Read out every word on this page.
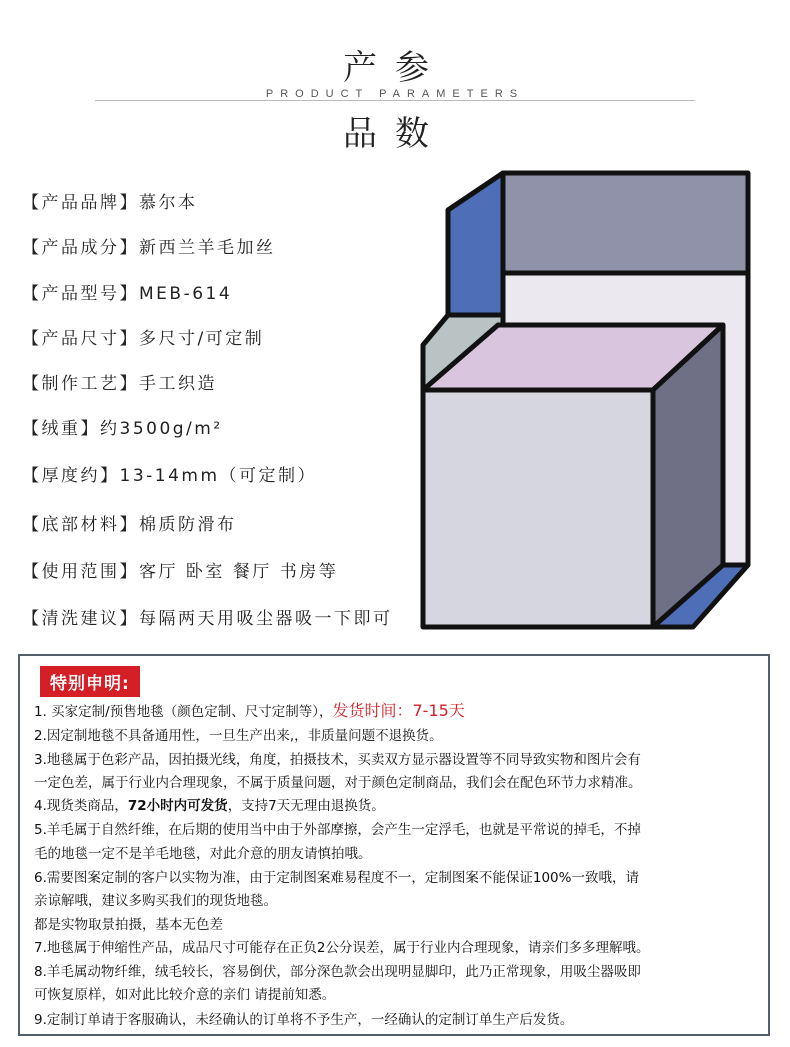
产参
PRODUCT PARAMETERS
品数
【产品品牌】慕尔本
【产品成分】新西兰羊毛加丝
【产品型号】MEB-614
【产品尺寸】多尺寸/可定制
【制作工艺】手工织造
【绒重】约3500g/m²
【厚度约】13-14mm（可定制）
【底部材料】棉质防滑布
【使用范围】客厅 卧室 餐厅 书房等
【清洗建议】每隔两天用吸尘器吸一下即可
特别申明:
1. 买家定制/预售地毯（颜色定制、尺寸定制等），发货时间：7-15天
2.因定制地毯不具备通用性，一旦生产出来,，非质量问题不退换货。
3.地毯属于色彩产品，因拍摄光线，角度，拍摄技术，买卖双方显示器设置等不同导致实物和图片会有
一定色差，属于行业内合理现象，不属于质量问题，对于颜色定制商品，我们会在配色环节力求精准。
4.现货类商品，72小时内可发货，支持7天无理由退换货。
5.羊毛属于自然纤维，在后期的使用当中由于外部摩擦，会产生一定浮毛，也就是平常说的掉毛，不掉
毛的地毯一定不是羊毛地毯，对此介意的朋友请慎拍哦。
6.需要图案定制的客户以实物为准，由于定制图案难易程度不一，定制图案不能保证100%一致哦，请
亲谅解哦，建议多购买我们的现货地毯。
都是实物取景拍摄，基本无色差
7.地毯属于伸缩性产品，成品尺寸可能存在正负2公分误差，属于行业内合理现象，请亲们多多理解哦。
8.羊毛属动物纤维，绒毛较长，容易倒伏，部分深色款会出现明显脚印，此乃正常现象，用吸尘器吸即
可恢复原样，如对此比较介意的亲们 请提前知悉。
9.定制订单请于客服确认，未经确认的订单将不予生产，一经确认的定制订单生产后发货。
